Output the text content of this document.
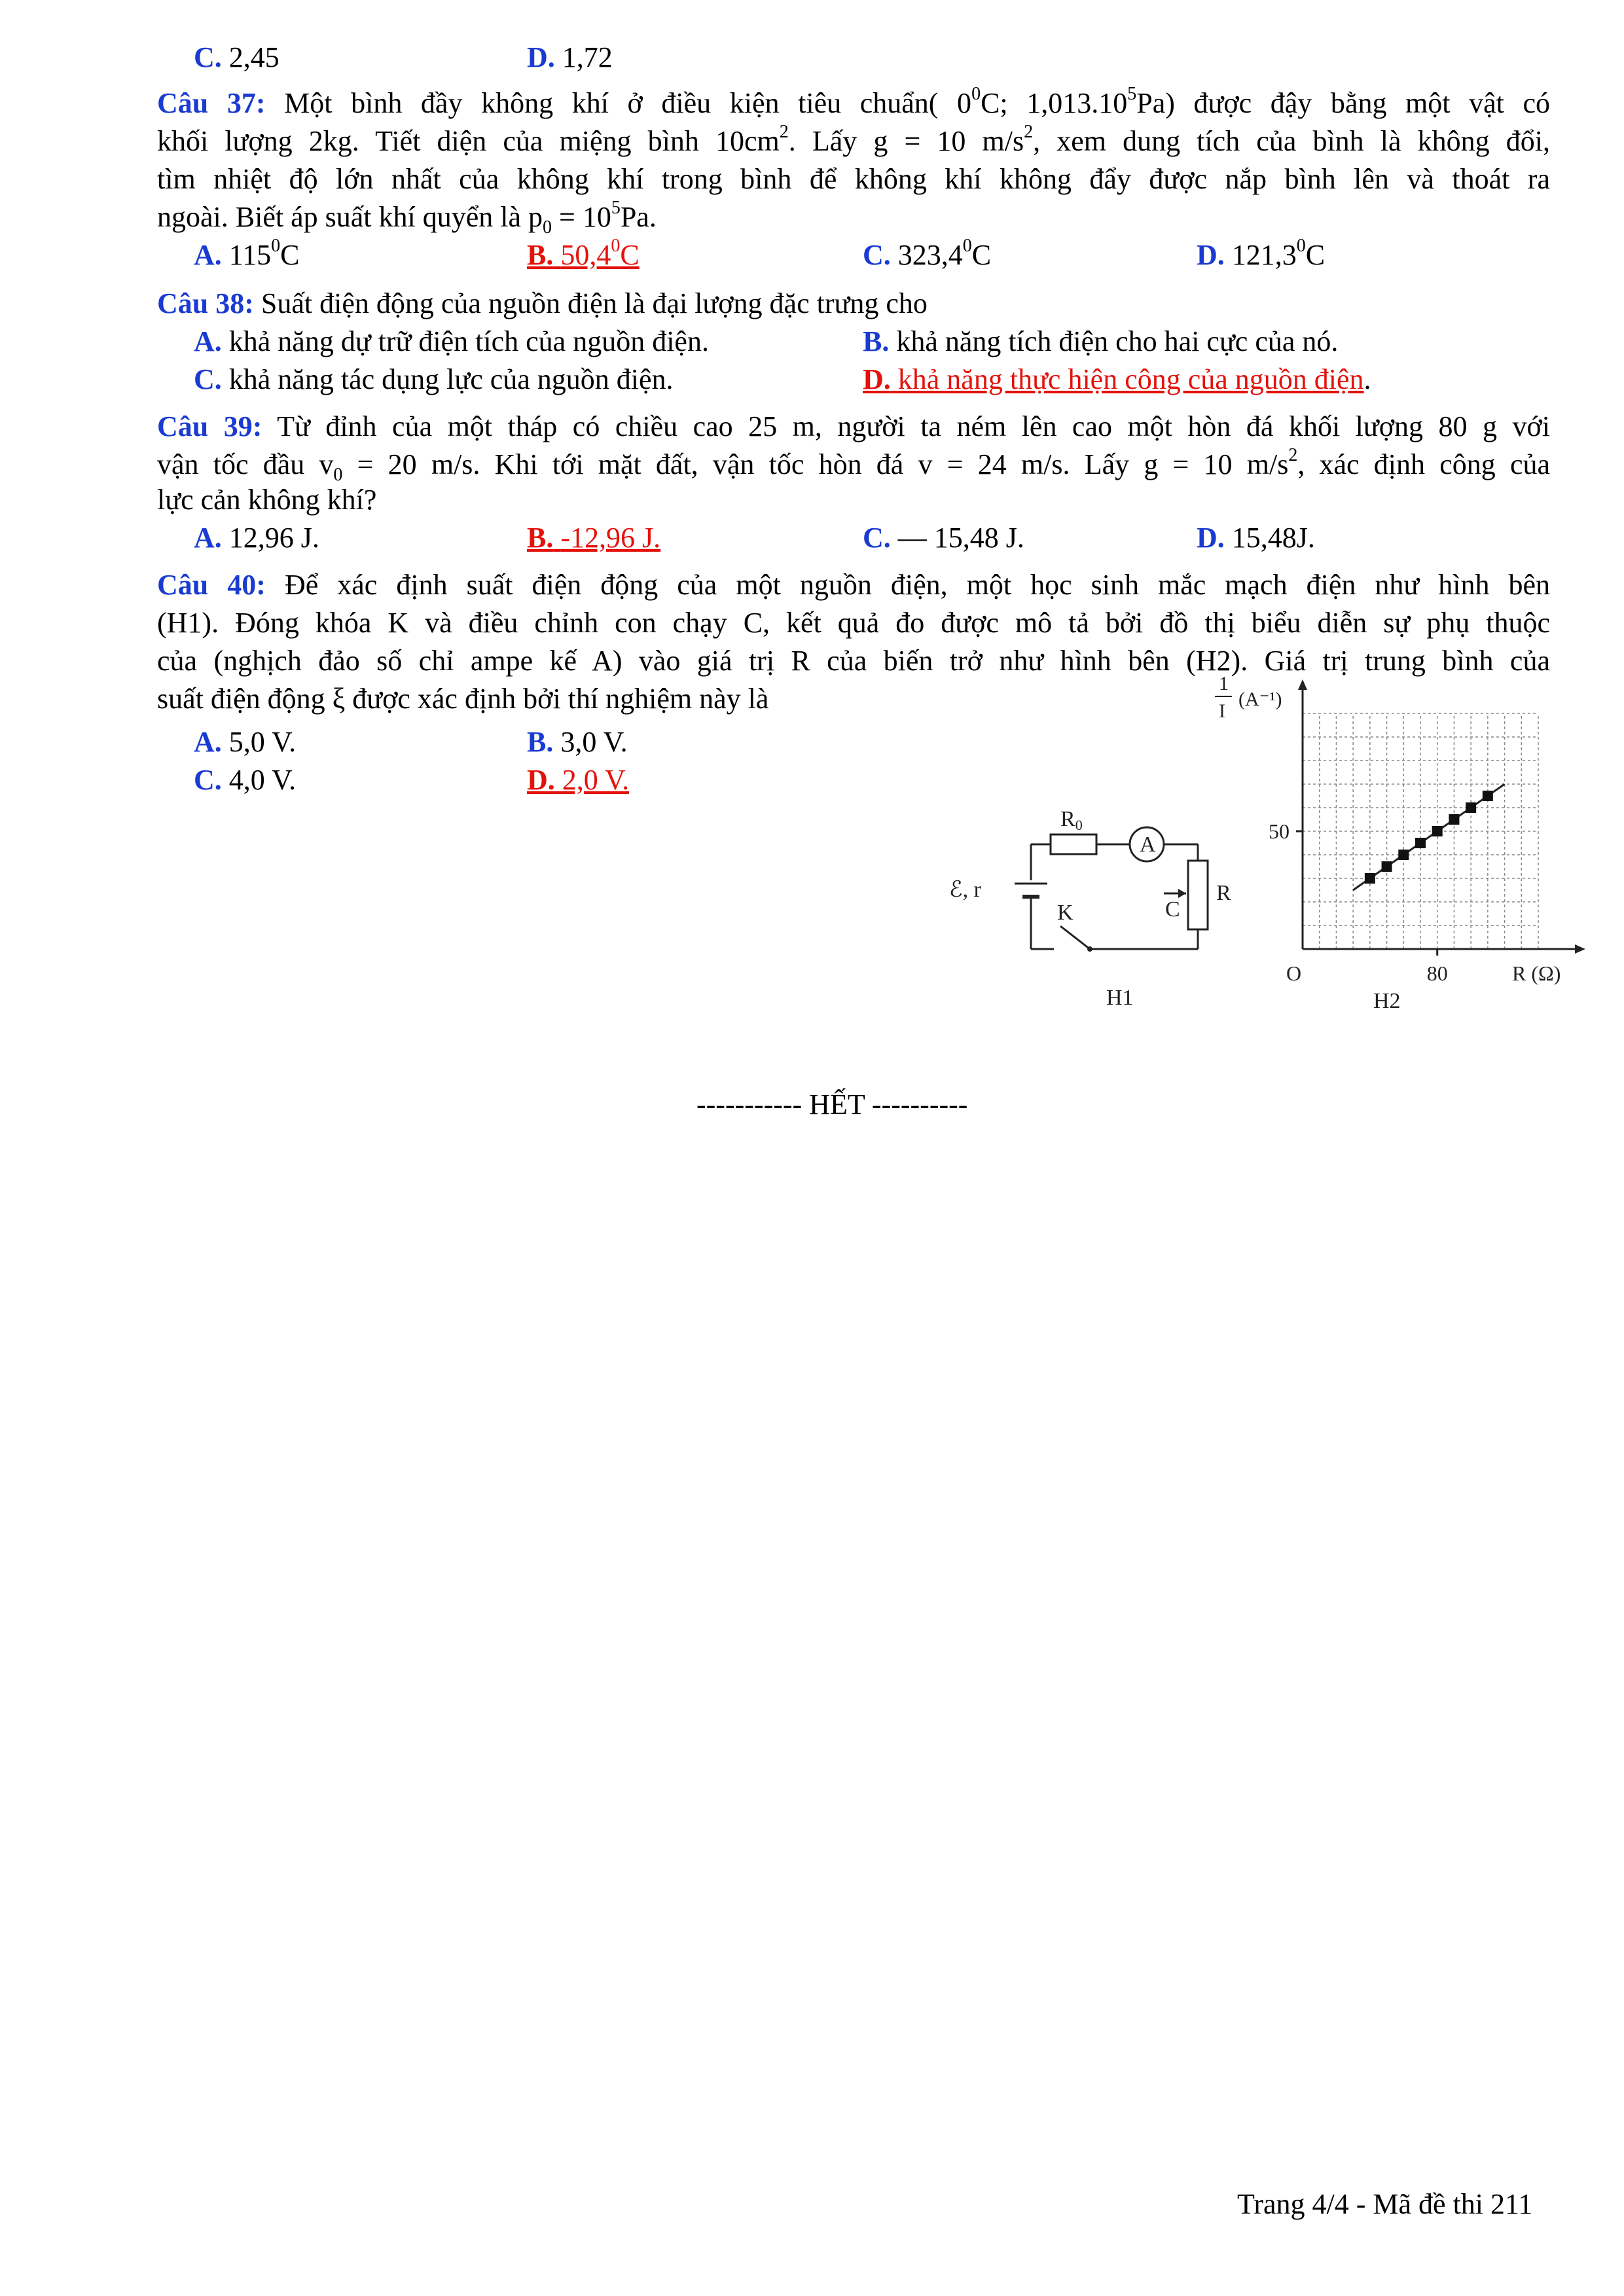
C. 2,45	D. 1,72
Câu 37: Một bình đầy không khí ở điều kiện tiêu chuẩn( $0^0C$; 1,013.10$^5$Pa) được đậy bằng một vật có
khối lượng 2kg. Tiết diện của miệng bình $10cm^2$. Lấy g = 10 $m/s^2$, xem dung tích của bình là không đổi,
tìm nhiệt độ lớn nhất của không khí trong bình để không khí không đẩy được nắp bình lên và thoát ra
ngoài. Biết áp suất khí quyển là $p_0 = 10^5Pa$.
A. $115^0C$	B. 50,4$^0$C	C. 323,4$^0$C	D. 121,3$^0$C
Câu 38: Suất điện động của nguồn điện là đại lượng đặc trưng cho
A. khả năng dự trữ điện tích của nguồn điện.	B. khả năng tích điện cho hai cực của nó.
C. khả năng tác dụng lực của nguồn điện.	D. khả năng thực hiện công của nguồn điện.
Câu 39: Từ đỉnh của một tháp có chiều cao 25 m, người ta ném lên cao một hòn đá khối lượng 80 g với
vận tốc đầu $v_0 = 20$ m/s. Khi tới mặt đất, vận tốc hòn đá v = 24 m/s. Lấy g = 10 $m/s^2$, xác định công của
lực cản không khí?
A. 12,96 J.	B. -12,96 J.	C. — 15,48 J.	D. 15,48J.
Câu 40: Để xác định suất điện động của một nguồn điện, một học sinh mắc mạch điện như hình bên
(H1). Đóng khóa K và điều chỉnh con chạy C, kết quả đo được mô tả bởi đồ thị biểu diễn sự phụ thuộc
của (nghịch đảo số chỉ ampe kế A) vào giá trị R của biến trở như hình bên (H2). Giá trị trung bình của
suất điện động ξ được xác định bởi thí nghiệm này là
A. 5,0 V.	B. 3,0 V.
C. 4,0 V.	D. 2,0 V.
R0
A
ℰ, r
K	C
R
H1
1
I
(A⁻¹)
50
80
O	R (Ω)
H2
----------- HẾT ----------
Trang 4/4 - Mã đề thi 211
